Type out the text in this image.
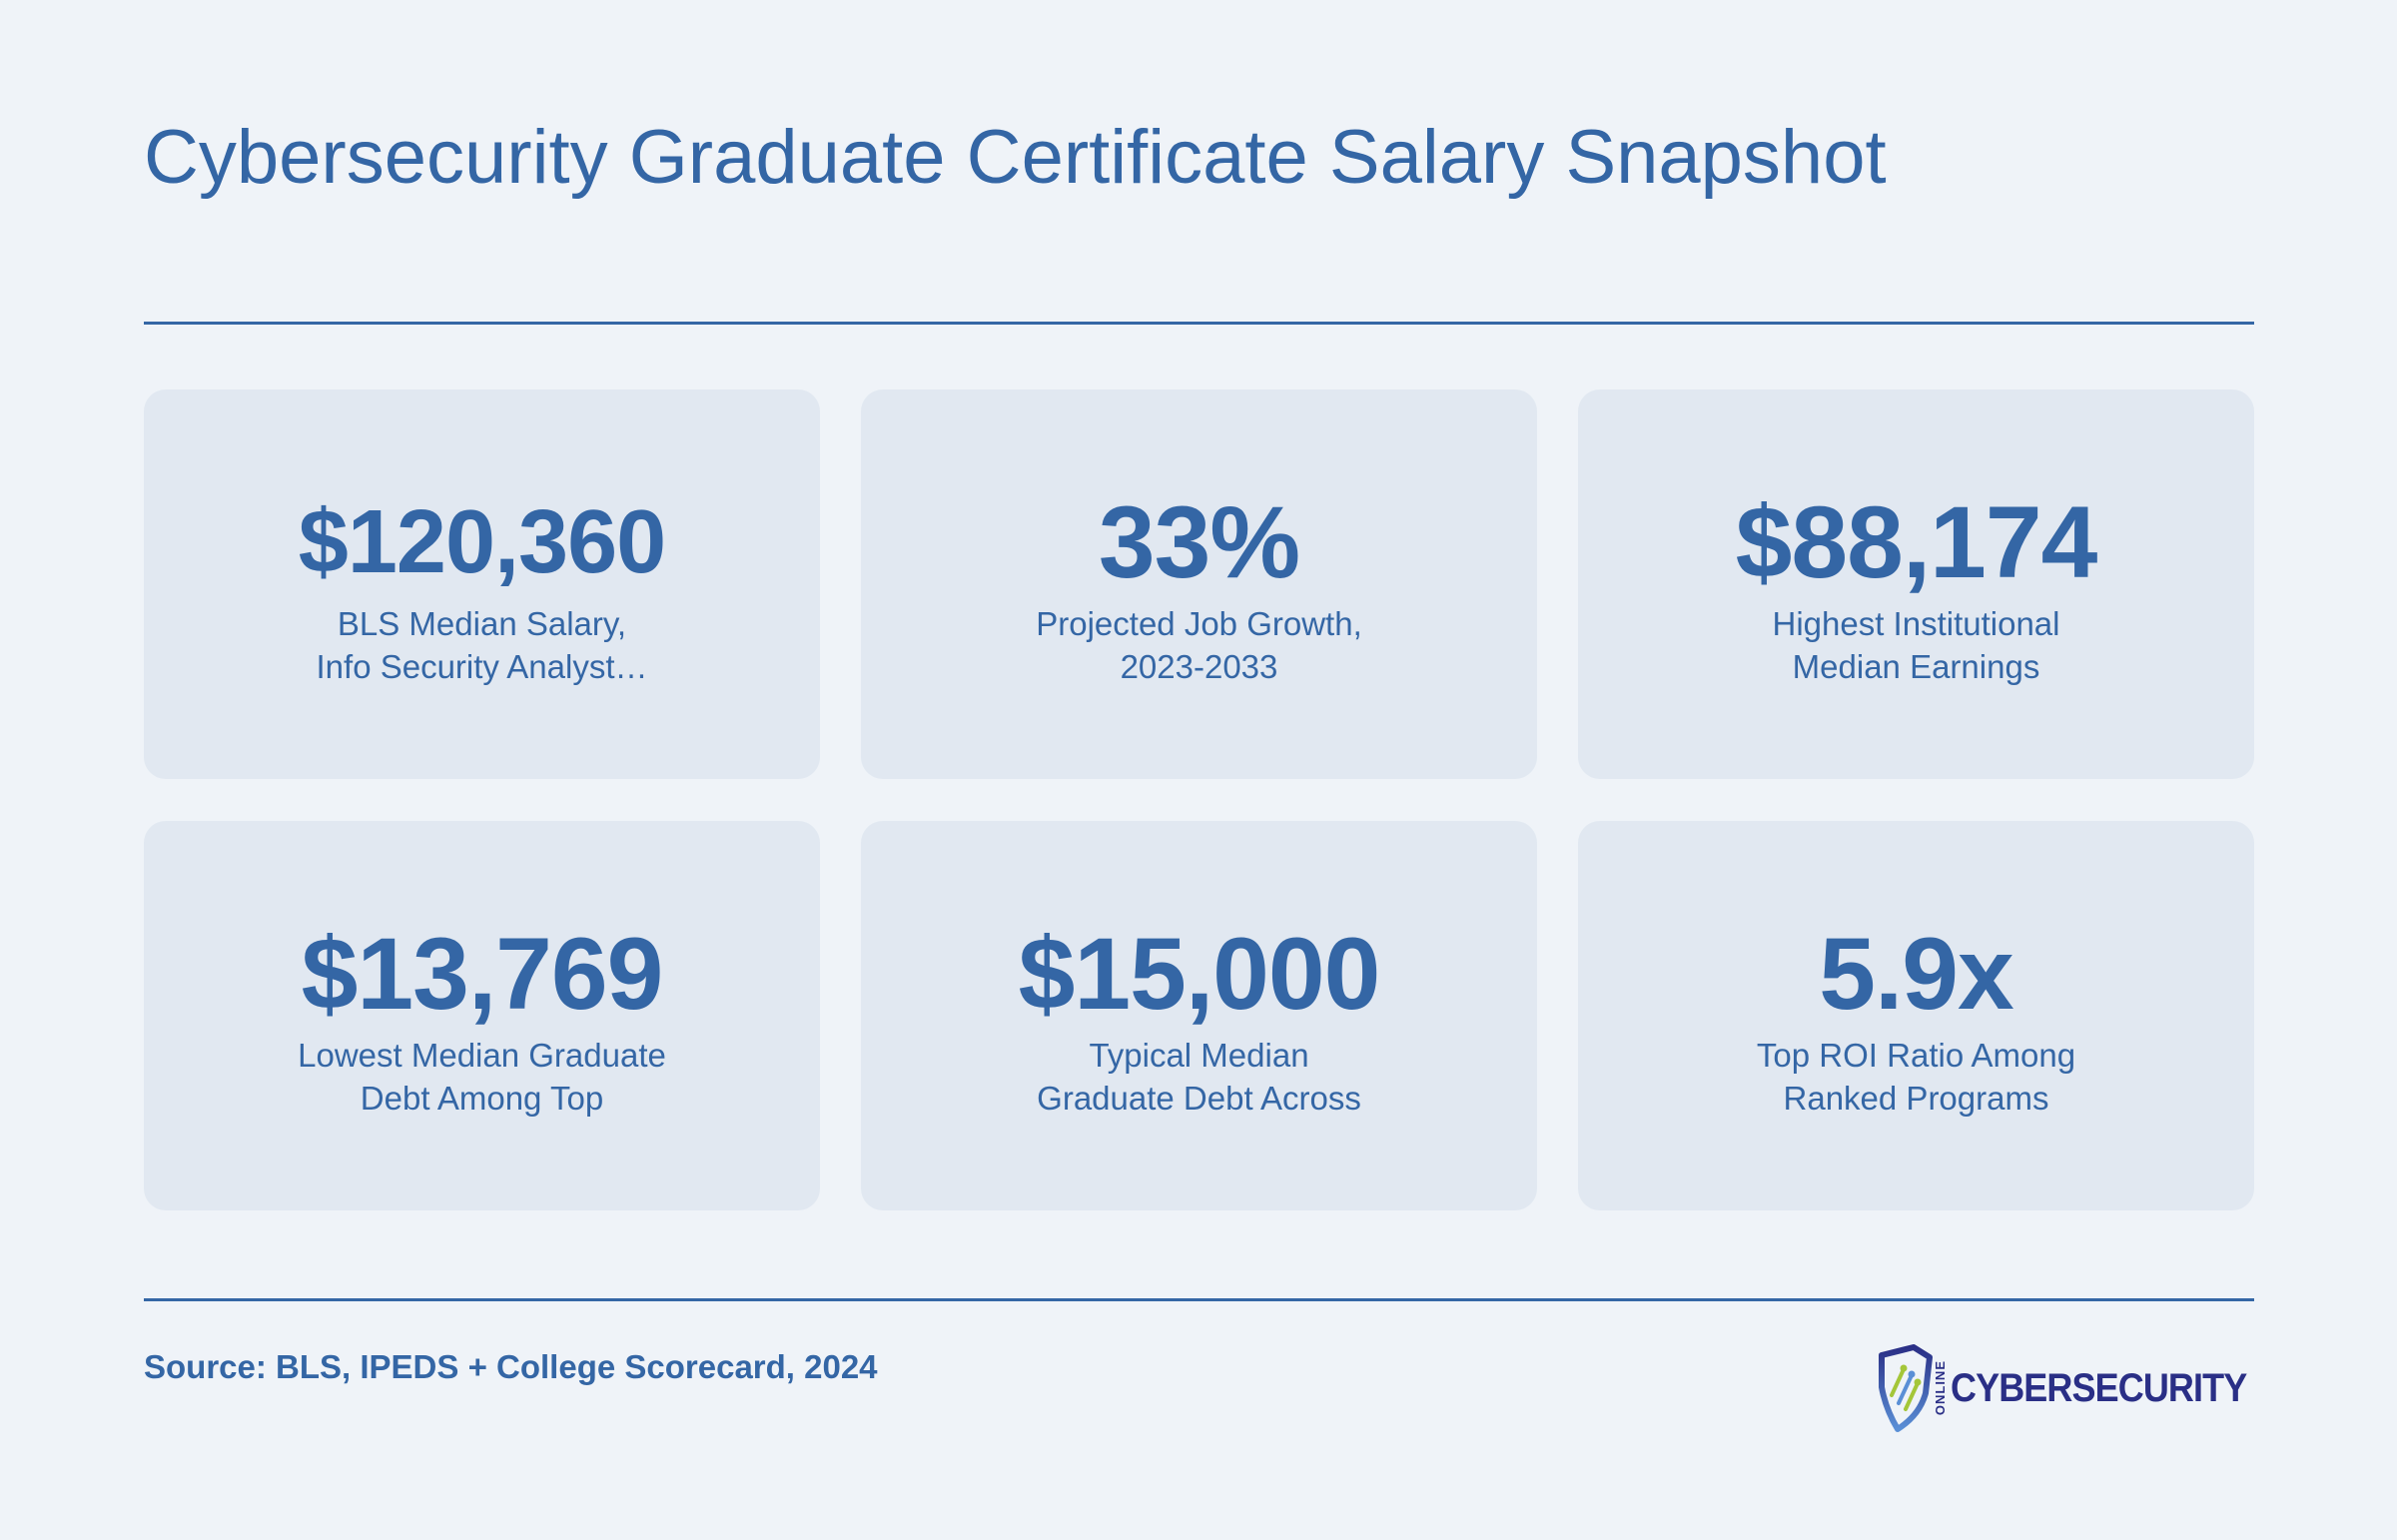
Cybersecurity Graduate Certificate Salary Snapshot
$120,360
BLS Median Salary,
Info Security Analyst…
33%
Projected Job Growth,
2023-2033
$88,174
Highest Institutional
Median Earnings
$13,769
Lowest Median Graduate
Debt Among Top
$15,000
Typical Median
Graduate Debt Across
5.9x
Top ROI Ratio Among
Ranked Programs
Source: BLS, IPEDS + College Scorecard, 2024	ONLINE CYBERSECURITY
